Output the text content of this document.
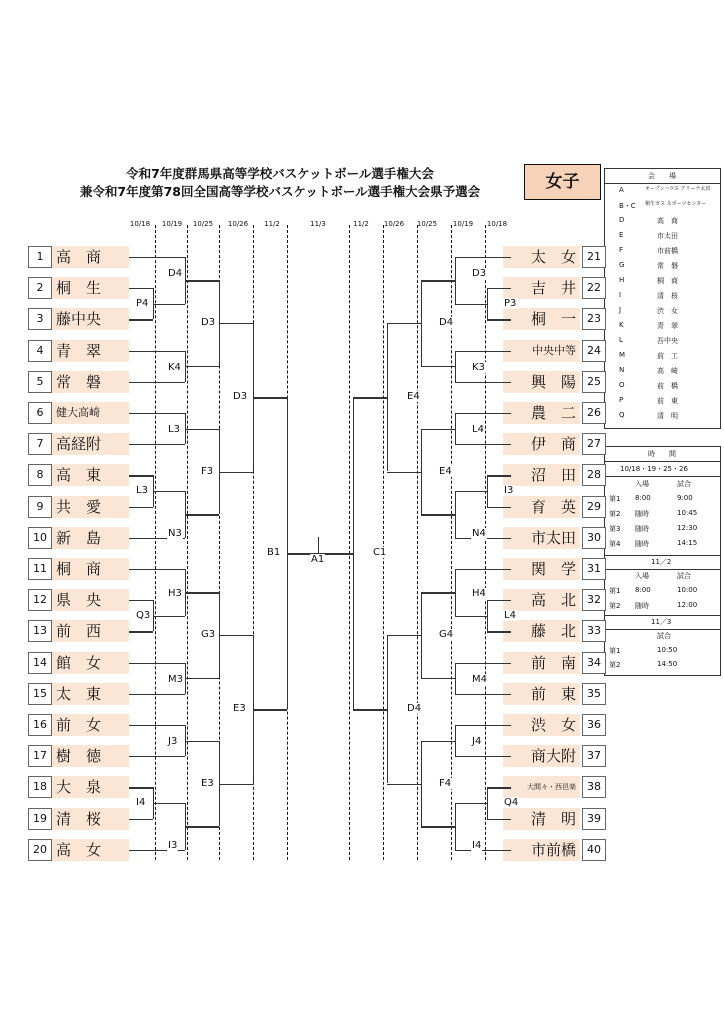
令和7年度群馬県高等学校バスケットボール選手権大会
兼令和7年度第78回全国高等学校バスケットボール選手権大会県予選会	女子	会　　場
A	オープンハウス アリーナ太田
B・C 桐生ガス スポーツセンター
D	高　商
E	市太田
F	市前橋
G	常　磐
H	桐　商
I	清　桜
J	渋　女
K	青　翠
L	吾中央
M	前　工
N	高　崎
O	前　橋
P	前　東
Q	清　明
時　　間
10/18・19・25・26
入場	試合
第1 8:00	9:00
第2 随時	10:45
第3 随時	12:30
第4 随時	14:15
11／2
入場	試合
第1 8:00	10:00
第2 随時	12:00
11／3
試合
第1	10:50
第2	14:50
10/18	10/19	10/25	10/26	11/2	11/3	11/2	10/26	10/25	10/19	10/18
1 高　商
2 桐　生
3 藤中央
4 青　翠
5 常　磐
6	健大高崎
7 高経附
8 高　東
9 共　愛
10 新　島
11 桐　商
12 県　央
13 前　西
14 館　女
15 太　東
16 前　女
17 樹　徳
18 大　泉
19 清　桜
20 高　女
太　女	21
吉　井	22
桐　一	23
中央中等	24
興　陽	25
農　二	26
伊　商	27
沼　田	28
育　英	29
市太田	30
関　学	31
高　北	32
藤　北	33
前　南	34
前　東	35
渋　女	36
商大附	37
大間々・西邑楽	38
清　明	39
市前橋	40
P4
Q3
L3
I4
D4
K4
L3
N3
H3
M3
J3
I3
D3
F3
G3
E3
D3
E3
B1
P3
L4
I3
Q4
D3
K3
L4
N4
H4
M4
J4
I4
D4
E4
G4
F4
E4
D4
C1
A1
